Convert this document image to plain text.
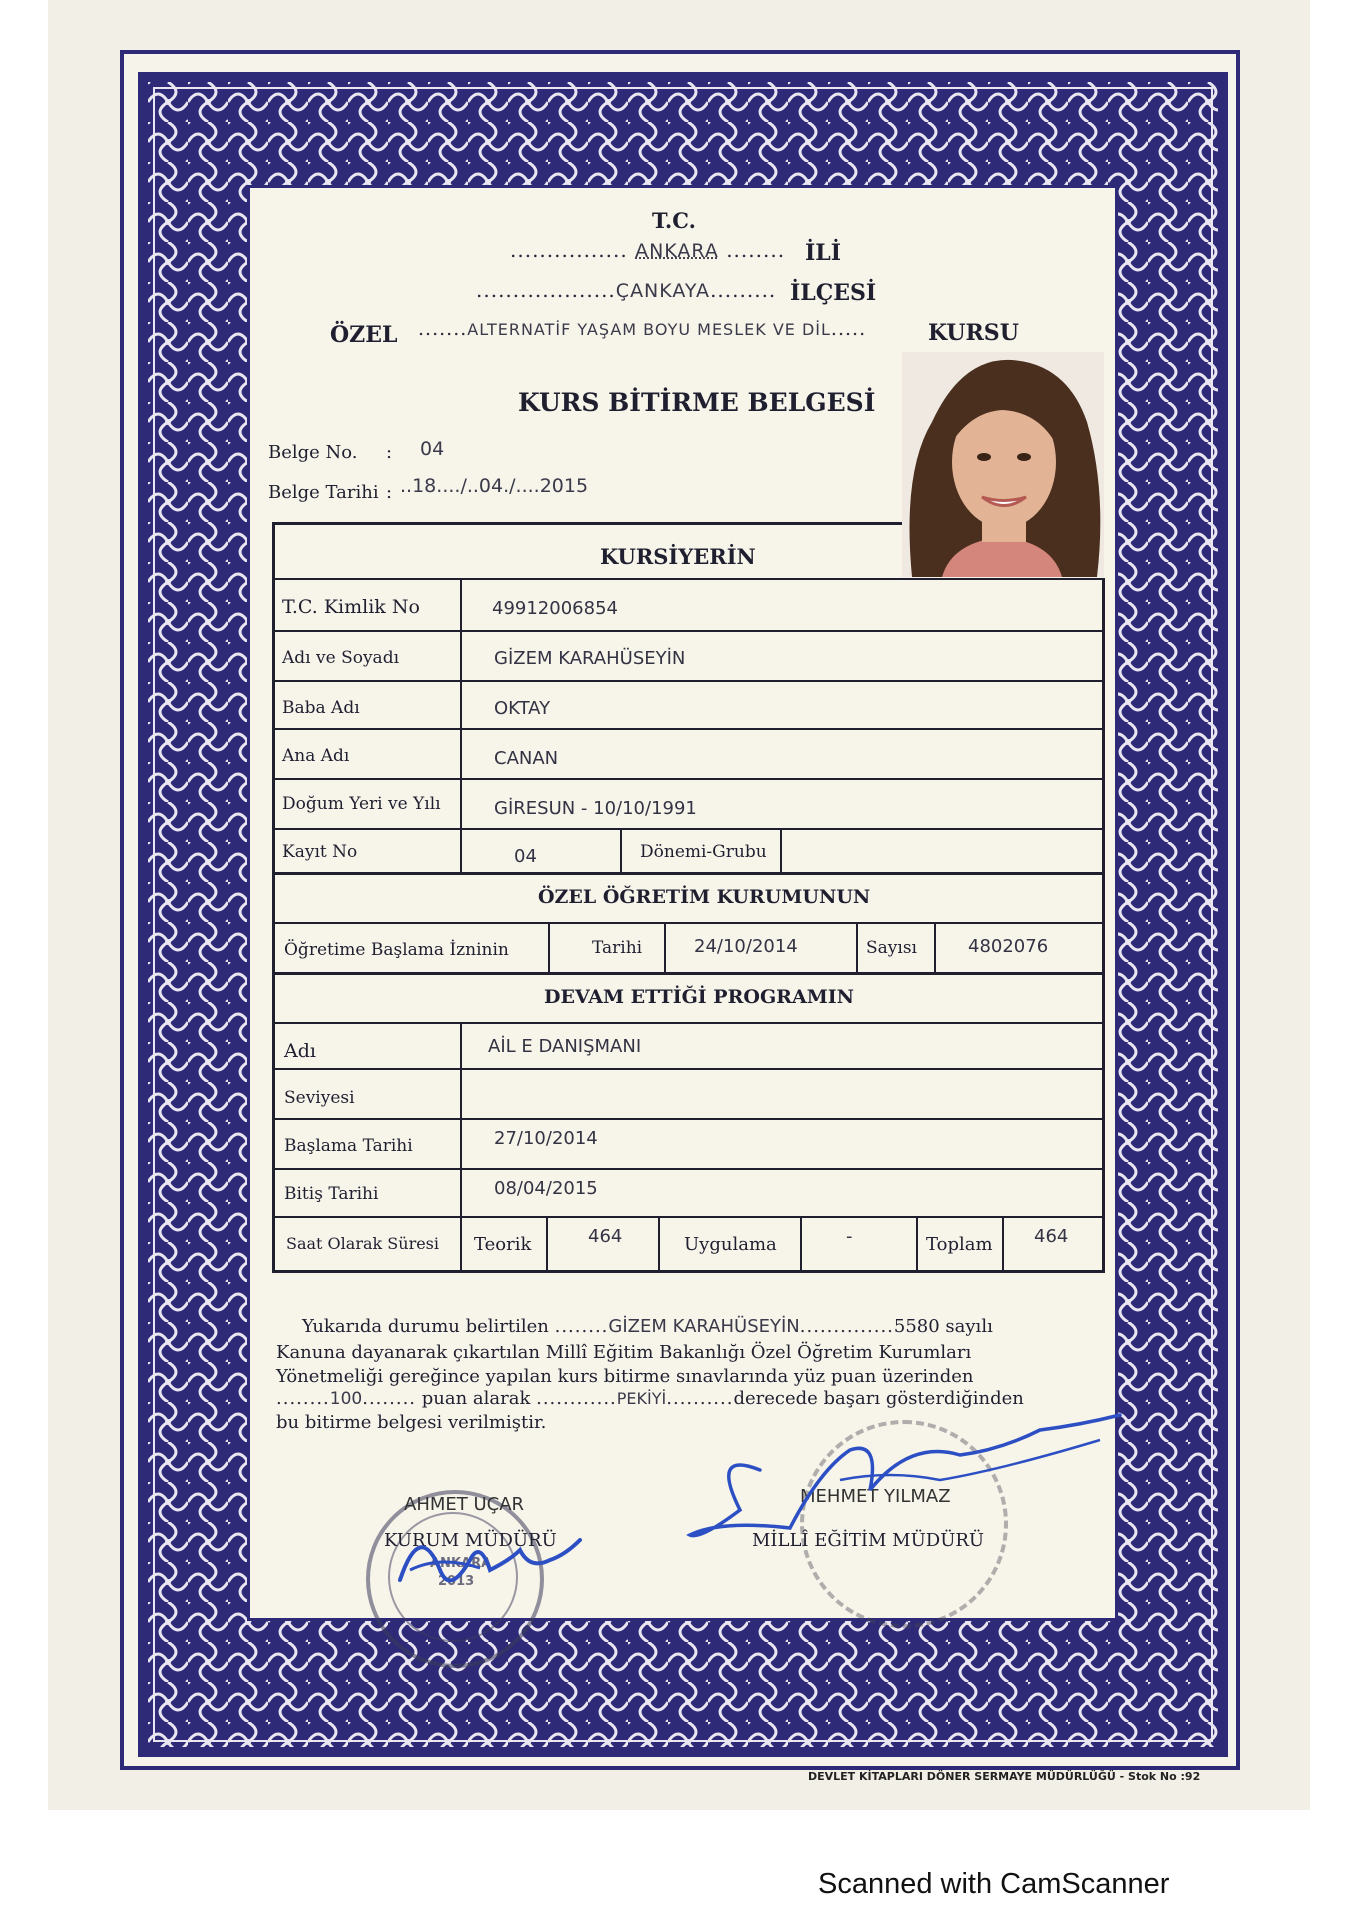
T.C.
................ ANKARA ........ İLİ
...................ÇANKAYA......... İLÇESİ
ÖZEL .......ALTERNATİF YAŞAM BOYU MESLEK VE DİL.....	KURSU
KURS BİTİRME BELGESİ
Belge No. : 04
Belge Tarihi : ..18..../..04./....2015
KURSİYERİN
T.C. Kimlik No	49912006854
Adı ve Soyadı	GİZEM KARAHÜSEYİN
Baba Adı	OKTAY
Ana Adı	CANAN
Doğum Yeri ve Yılı	GİRESUN - 10/10/1991
Kayıt No	04	Dönemi-Grubu
ÖZEL ÖĞRETİM KURUMUNUN
Öğretime Başlama İzninin	Tarihi	24/10/2014	Sayısı	4802076
DEVAM ETTİĞİ PROGRAMIN
Adı	AİL E DANIŞMANI
Seviyesi
Başlama Tarihi	27/10/2014
Bitiş Tarihi	08/04/2015
Saat Olarak Süresi Teorik	464	Uygulama	-	Toplam 464
Yukarıda durumu belirtilen ........GİZEM KARAHÜSEYİN..............5580 sayılı
Kanuna dayanarak çıkartılan Millî Eğitim Bakanlığı Özel Öğretim Kurumları
Yönetmeliği gereğince yapılan kurs bitirme sınavlarında yüz puan üzerinden
........100........ puan alarak ............PEKİYİ..........derecede başarı gösterdiğinden
bu bitirme belgesi verilmiştir.
ANKARA
2013
AHMET UÇAR
KURUM MÜDÜRÜ
MEHMET YILMAZ
MİLLÎ EĞİTİM MÜDÜRÜ
DEVLET KİTAPLARI DÖNER SERMAYE MÜDÜRLÜĞÜ - Stok No :92
Scanned with CamScanner
